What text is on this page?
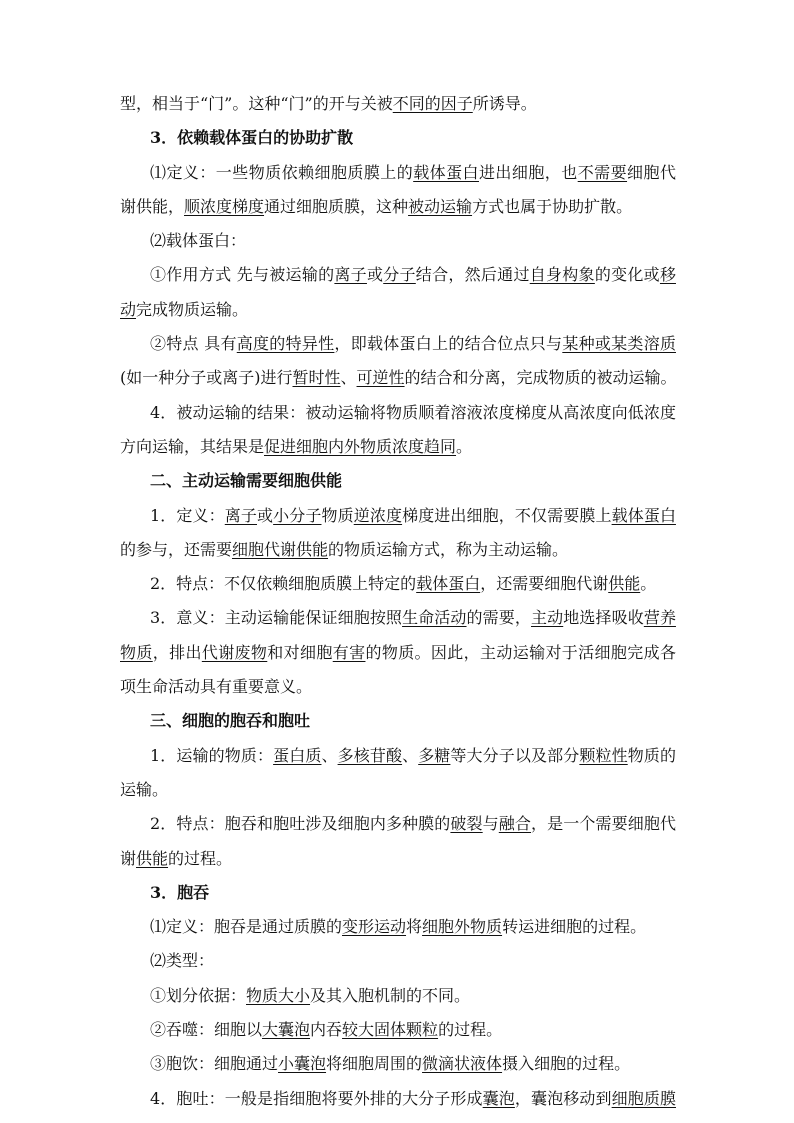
型，相当于“门”。这种“门”的开与关被不同的因子所诱导。
3．依赖载体蛋白的协助扩散
⑴定义：一些物质依赖细胞质膜上的载体蛋白进出细胞，也不需要细胞代
谢供能，顺浓度梯度通过细胞质膜，这种被动运输方式也属于协助扩散。
⑵载体蛋白：
①作用方式 先与被运输的离子或分子结合，然后通过自身构象的变化或移
动完成物质运输。
②特点 具有高度的特异性，即载体蛋白上的结合位点只与某种或某类溶质
(如一种分子或离子)进行暂时性、可逆性的结合和分离，完成物质的被动运输。
4．被动运输的结果：被动运输将物质顺着溶液浓度梯度从高浓度向低浓度
方向运输，其结果是促进细胞内外物质浓度趋同。
二、主动运输需要细胞供能
1．定义：离子或小分子物质逆浓度梯度进出细胞，不仅需要膜上载体蛋白
的参与，还需要细胞代谢供能的物质运输方式，称为主动运输。
2．特点：不仅依赖细胞质膜上特定的载体蛋白，还需要细胞代谢供能。
3．意义：主动运输能保证细胞按照生命活动的需要，主动地选择吸收营养
物质，排出代谢废物和对细胞有害的物质。因此，主动运输对于活细胞完成各
项生命活动具有重要意义。
三、细胞的胞吞和胞吐
1．运输的物质：蛋白质、多核苷酸、多糖等大分子以及部分颗粒性物质的
运输。
2．特点：胞吞和胞吐涉及细胞内多种膜的破裂与融合，是一个需要细胞代
谢供能的过程。
3．胞吞
⑴定义：胞吞是通过质膜的变形运动将细胞外物质转运进细胞的过程。
⑵类型：
①划分依据：物质大小及其入胞机制的不同。
②吞噬：细胞以大囊泡内吞较大固体颗粒的过程。
③胞饮：细胞通过小囊泡将细胞周围的微滴状液体摄入细胞的过程。
4．胞吐：一般是指细胞将要外排的大分子形成囊泡，囊泡移动到细胞质膜
